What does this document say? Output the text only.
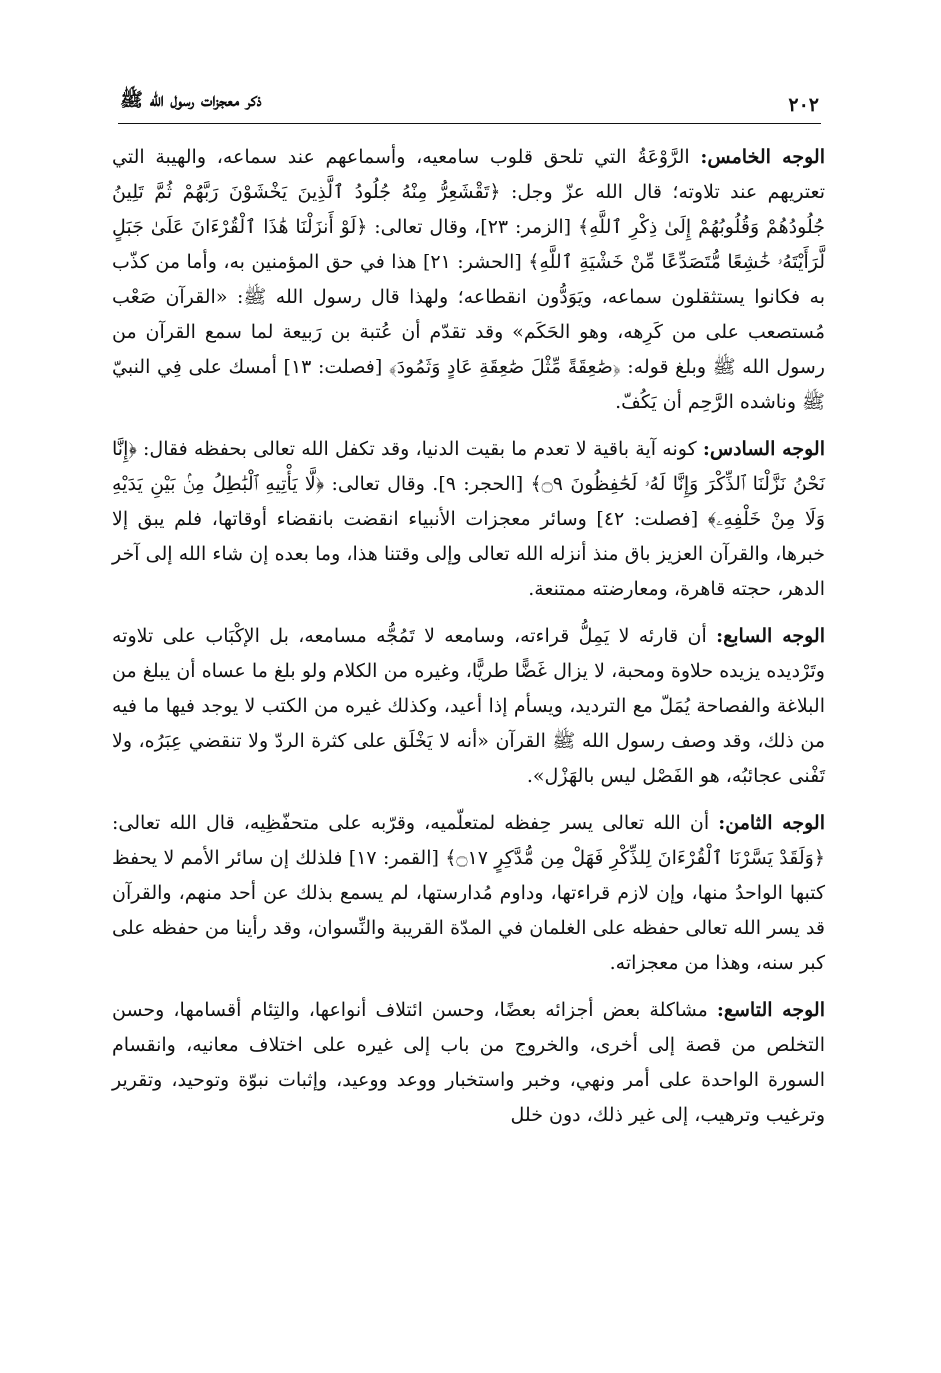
٢٠٢
ذكر معجزات رسول الله ﷺ

الوجه الخامس: الرَّوْعَةُ التي تلحق قلوب سامعيه، وأسماعهم عند سماعه، والهيبة التي تعتريهم عند تلاوته؛ قال الله عزّ وجل: ﴿تَقْشَعِرُّ مِنْهُ جُلُودُ ٱلَّذِينَ يَخْشَوْنَ رَبَّهُمْ ثُمَّ تَلِينُ جُلُودُهُمْ وَقُلُوبُهُمْ إِلَىٰ ذِكْرِ ٱللَّهِ﴾ [الزمر: ٢٣]، وقال تعالى: ﴿لَوْ أَنزَلْنَا هَٰذَا ٱلْقُرْءَانَ عَلَىٰ جَبَلٍ لَّرَأَيْتَهُۥ خَٰشِعًا مُّتَصَدِّعًا مِّنْ خَشْيَةِ ٱللَّهِ﴾ [الحشر: ٢١] هذا في حق المؤمنين به، وأما من كذّب به فكانوا يستثقلون سماعه، ويَوَدُّون انقطاعه؛ ولهذا قال رسول الله ﷺ: «القرآن صَعْب مُستصعب على من كَرِهه، وهو الحَكَم» وقد تقدّم أن عُتبة بن رَبيعة لما سمع القرآن من رسول الله ﷺ وبلغ قوله: ﴿صَٰعِقَةً مِّثْلَ صَٰعِقَةِ عَادٍ وَثَمُودَ﴾ [فصلت: ١٣] أمسك على فِي النبيّ ﷺ وناشده الرَّحِم أن يَكُفّ.

الوجه السادس: كونه آية باقية لا تعدم ما بقيت الدنيا، وقد تكفل الله تعالى بحفظه فقال: ﴿إِنَّا نَحْنُ نَزَّلْنَا ٱلذِّكْرَ وَإِنَّا لَهُۥ لَحَٰفِظُونَ ۝٩﴾ [الحجر: ٩]. وقال تعالى: ﴿لَّا يَأْتِيهِ ٱلْبَٰطِلُ مِنۢ بَيْنِ يَدَيْهِ وَلَا مِنْ خَلْفِهِۦ﴾ [فصلت: ٤٢] وسائر معجزات الأنبياء انقضت بانقضاء أوقاتها، فلم يبق إلا خبرها، والقرآن العزيز باق منذ أنزله الله تعالى وإلى وقتنا هذا، وما بعده إن شاء الله إلى آخر الدهر، حجته قاهرة، ومعارضته ممتنعة.

الوجه السابع: أن قارئه لا يَمِلُّ قراءته، وسامعه لا تَمُجُّه مسامعه، بل الإكْبَاب على تلاوته وتَرْديده يزيده حلاوة ومحبة، لا يزال غَضًّا طريًّا، وغيره من الكلام ولو بلغ ما عساه أن يبلغ من البلاغة والفصاحة يُمَلّ مع الترديد، ويسأم إذا أعيد، وكذلك غيره من الكتب لا يوجد فيها ما فيه من ذلك، وقد وصف رسول الله ﷺ القرآن «أنه لا يَخْلَق على كثرة الردّ ولا تنقضي عِبَرُه، ولا تَفْنى عجائبُه، هو الفَصْل ليس بالهَزْل».

الوجه الثامن: أن الله تعالى يسر حِفظه لمتعلّميه، وقرّبه على متحفّظِيه، قال الله تعالى: ﴿وَلَقَدْ يَسَّرْنَا ٱلْقُرْءَانَ لِلذِّكْرِ فَهَلْ مِن مُّدَّكِرٍ ۝١٧﴾ [القمر: ١٧] فلذلك إن سائر الأمم لا يحفظ كتبها الواحدُ منها، وإن لازم قراءتها، وداوم مُدارستها، لم يسمع بذلك عن أحد منهم، والقرآن قد يسر الله تعالى حفظه على الغلمان في المدّة القريبة والنِّسوان، وقد رأينا من حفظه على كبر سنه، وهذا من معجزاته.

الوجه التاسع: مشاكلة بعض أجزائه بعضًا، وحسن ائتلاف أنواعها، والتِئام أقسامها، وحسن التخلص من قصة إلى أخرى، والخروج من باب إلى غيره على اختلاف معانيه، وانقسام السورة الواحدة على أمر ونهي، وخبر واستخبار ووعد ووعيد، وإثبات نبوّة وتوحيد، وتقرير وترغيب وترهيب، إلى غير ذلك، دون خلل
